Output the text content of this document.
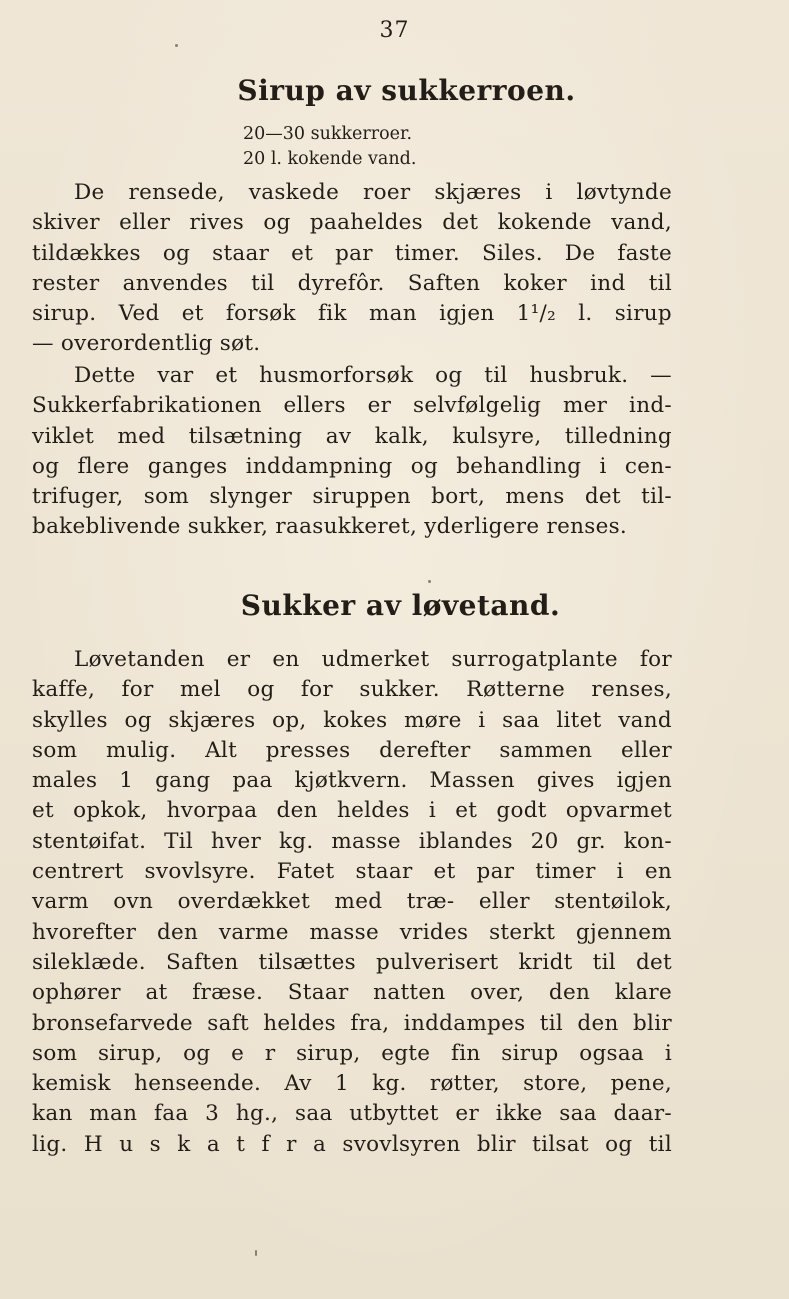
37
Sirup av sukkerroen.
20—30 sukkerroer.
20 l. kokende vand.
De rensede, vaskede roer skjæres i løvtynde
skiver eller rives og paaheldes det kokende vand,
tildækkes og staar et par timer. Siles. De faste
rester anvendes til dyrefôr. Saften koker ind til
sirup. Ved et forsøk fik man igjen 1¹/₂ l. sirup
— overordentlig søt.
Dette var et husmorforsøk og til husbruk. —
Sukkerfabrikationen ellers er selvfølgelig mer ind-
viklet med tilsætning av kalk, kulsyre, tilledning
og flere ganges inddampning og behandling i cen-
trifuger, som slynger siruppen bort, mens det til-
bakeblivende sukker, raasukkeret, yderligere renses.
Sukker av løvetand.
Løvetanden er en udmerket surrogatplante for
kaffe, for mel og for sukker. Røtterne renses,
skylles og skjæres op, kokes møre i saa litet vand
som mulig. Alt presses derefter sammen eller
males 1 gang paa kjøtkvern. Massen gives igjen
et opkok, hvorpaa den heldes i et godt opvarmet
stentøifat. Til hver kg. masse iblandes 20 gr. kon-
centrert svovlsyre. Fatet staar et par timer i en
varm ovn overdækket med træ- eller stentøilok,
hvorefter den varme masse vrides sterkt gjennem
sileklæde. Saften tilsættes pulverisert kridt til det
ophører at fræse. Staar natten over, den klare
bronsefarvede saft heldes fra, inddampes til den blir
som sirup, og e r sirup, egte fin sirup ogsaa i
kemisk henseende. Av 1 kg. røtter, store, pene,
kan man faa 3 hg., saa utbyttet er ikke saa daar-
lig. H u s k a t f r a svovlsyren blir tilsat og til
